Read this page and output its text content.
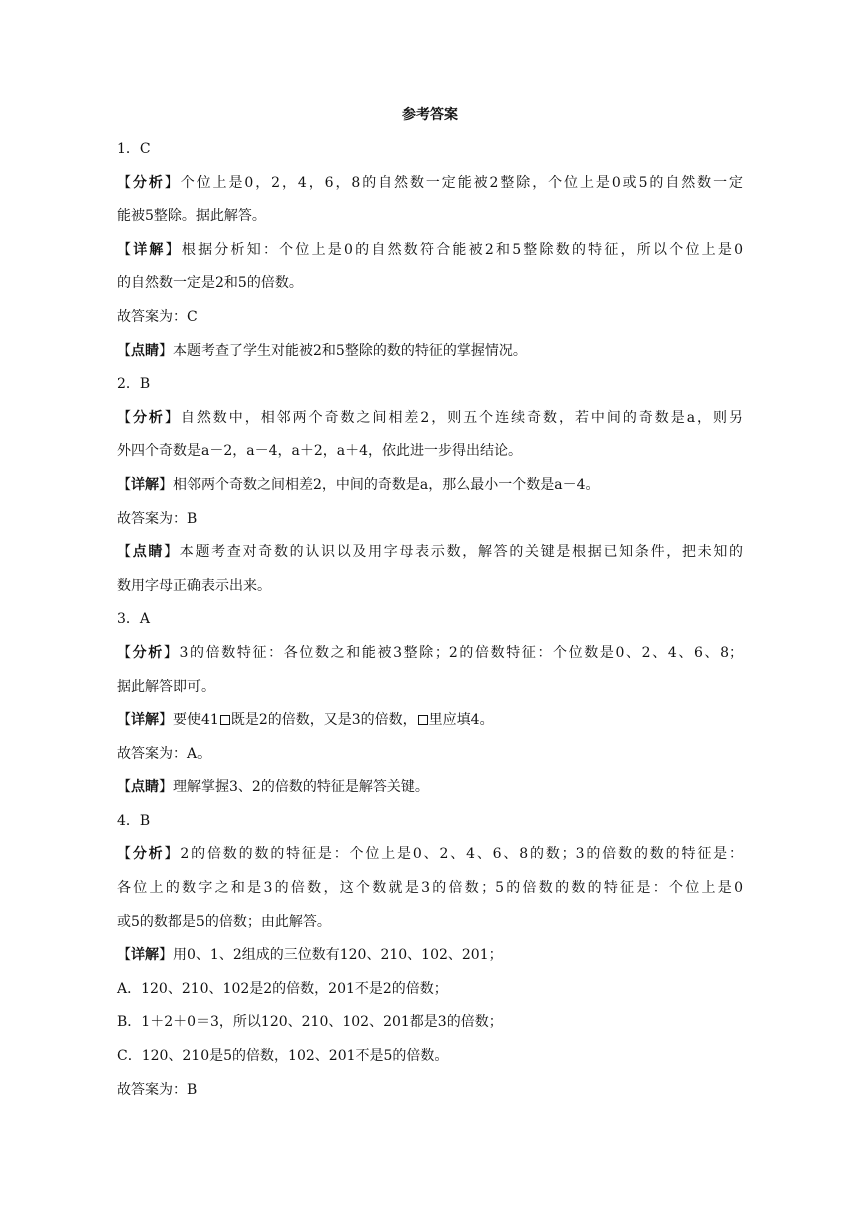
参考答案
1．C
【分析】个位上是0，2，4，6，8的自然数一定能被2整除，个位上是0或5的自然数一定
能被5整除。据此解答。
【详解】根据分析知：个位上是0的自然数符合能被2和5整除数的特征，所以个位上是0
的自然数一定是2和5的倍数。
故答案为：C
【点睛】本题考查了学生对能被2和5整除的数的特征的掌握情况。
2．B
【分析】自然数中，相邻两个奇数之间相差2，则五个连续奇数，若中间的奇数是a，则另
外四个奇数是a－2，a－4，a＋2，a＋4，依此进一步得出结论。
【详解】相邻两个奇数之间相差2，中间的奇数是a，那么最小一个数是a－4。
故答案为：B
【点睛】本题考查对奇数的认识以及用字母表示数，解答的关键是根据已知条件，把未知的
数用字母正确表示出来。
3．A
【分析】3的倍数特征：各位数之和能被3整除；2的倍数特征：个位数是0、2、4、6、8；
据此解答即可。
【详解】要使41 既是2的倍数，又是3的倍数， 里应填4。
故答案为：A。
【点睛】理解掌握3、2的倍数的特征是解答关键。
4．B
【分析】2的倍数的数的特征是：个位上是0、2、4、6、8的数；3的倍数的数的特征是：
各位上的数字之和是3的倍数，这个数就是3的倍数；5的倍数的数的特征是：个位上是0
或5的数都是5的倍数；由此解答。
【详解】用0、1、2组成的三位数有120、210、102、201；
A．120、210、102是2的倍数，201不是2的倍数；
B．1＋2＋0＝3，所以120、210、102、201都是3的倍数；
C．120、210是5的倍数，102、201不是5的倍数。
故答案为：B
